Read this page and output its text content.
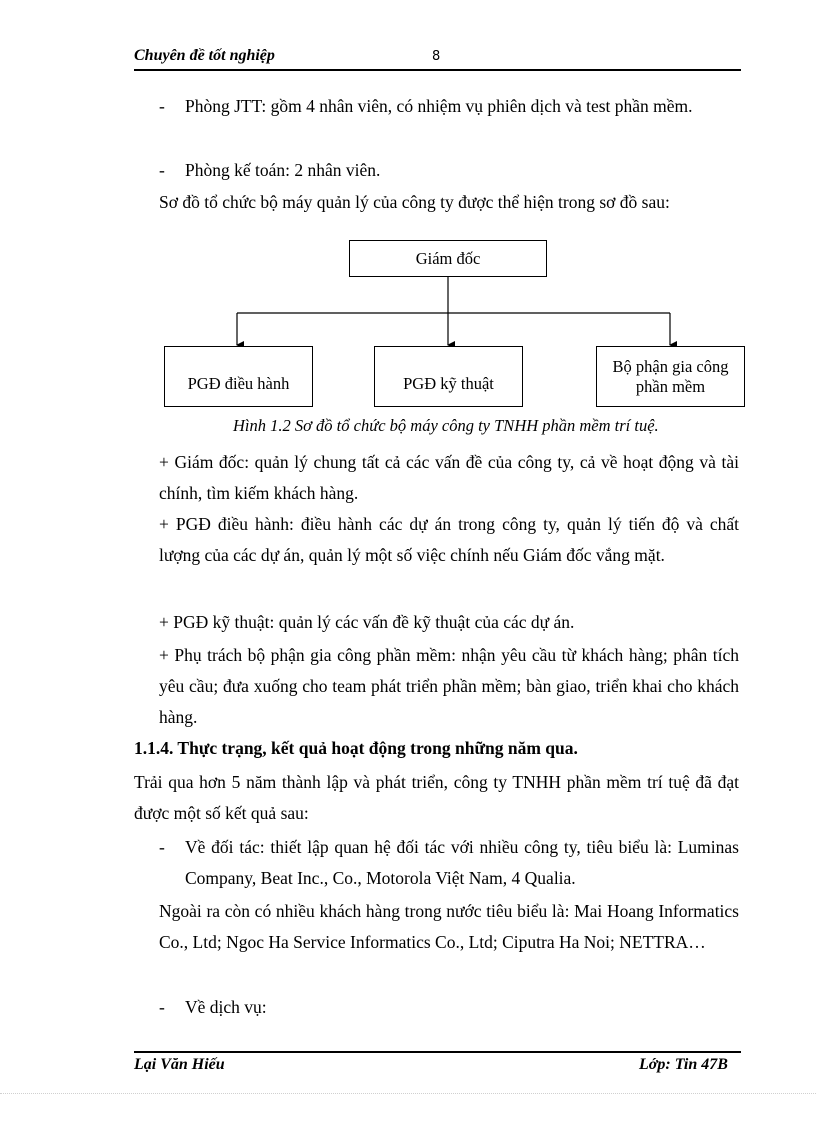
Chuyên đề tốt nghiệp	8
- Phòng JTT: gồm 4 nhân viên, có nhiệm vụ phiên dịch và test phần mềm.
- Phòng kế toán: 2 nhân viên.
Sơ đồ tổ chức bộ máy quản lý của công ty được thể hiện trong sơ đồ sau:
Giám đốc
PGĐ điều hành	PGĐ kỹ thuật
Bộ phận gia công phần mềm
Hình 1.2 Sơ đồ tổ chức bộ máy công ty TNHH phần mềm trí tuệ.
+ Giám đốc: quản lý chung tất cả các vấn đề của công ty, cả về hoạt động và tài chính, tìm kiếm khách hàng.
+ PGĐ điều hành: điều hành các dự án trong công ty, quản lý tiến độ và chất lượng của các dự án, quản lý một số việc chính nếu Giám đốc vắng mặt.
+ PGĐ kỹ thuật: quản lý các vấn đề kỹ thuật của các dự án.
+ Phụ trách bộ phận gia công phần mềm: nhận yêu cầu từ khách hàng; phân tích yêu cầu; đưa xuống cho team phát triển phần mềm; bàn giao, triển khai cho khách hàng.
1.1.4. Thực trạng, kết quả hoạt động trong những năm qua.
Trải qua hơn 5 năm thành lập và phát triển, công ty TNHH phần mềm trí tuệ đã đạt được một số kết quả sau:
- Về đối tác: thiết lập quan hệ đối tác với nhiều công ty, tiêu biểu là: Luminas Company, Beat Inc., Co., Motorola Việt Nam, 4 Qualia.
Ngoài ra còn có nhiều khách hàng trong nước tiêu biểu là: Mai Hoang Informatics Co., Ltd; Ngoc Ha Service Informatics Co., Ltd; Ciputra Ha Noi; NETTRA…
- Về dịch vụ:
Lại Văn Hiếu	Lớp: Tin 47B
